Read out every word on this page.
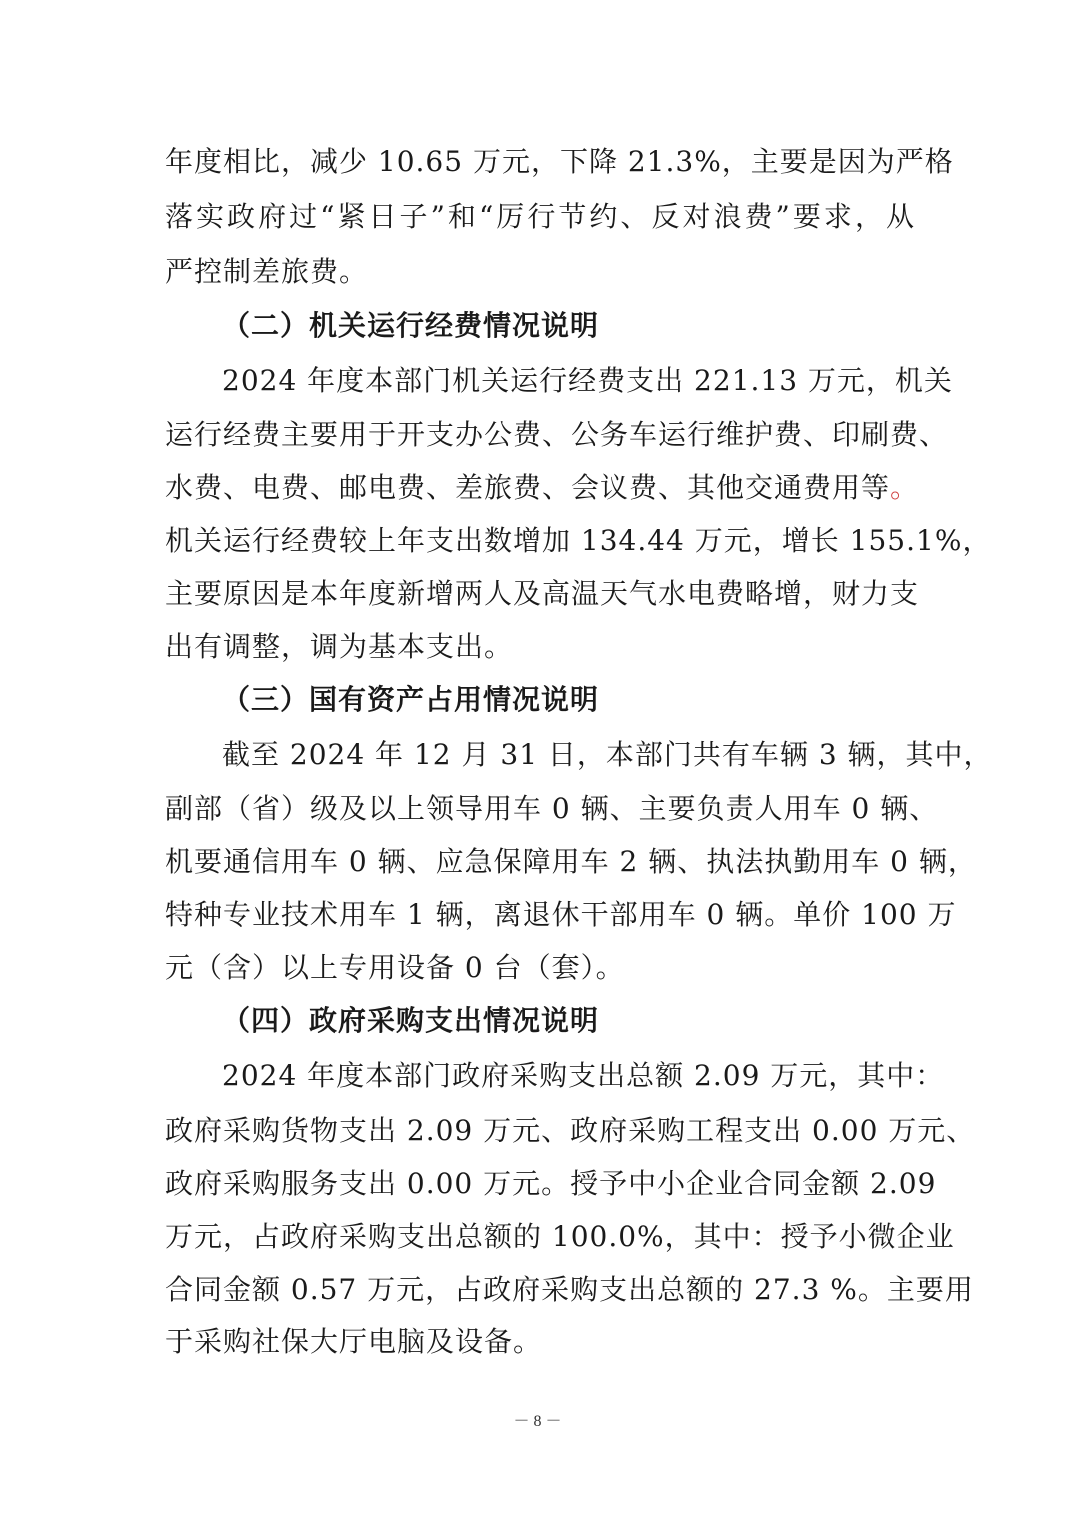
年度相比，减少 10.65 万元，下降 21.3%，主要是因为严格
落实政府过“紧日子”和“厉行节约、反对浪费”要求，从
严控制差旅费。
（二）机关运行经费情况说明
2024 年度本部门机关运行经费支出 221.13 万元，机关
运行经费主要用于开支办公费、公务车运行维护费、印刷费、
水费、电费、邮电费、差旅费、会议费、其他交通费用等。
机关运行经费较上年支出数增加 134.44 万元，增长 155.1%，
主要原因是本年度新增两人及高温天气水电费略增，财力支
出有调整，调为基本支出。
（三）国有资产占用情况说明
截至 2024 年 12 月 31 日，本部门共有车辆 3 辆，其中，
副部（省）级及以上领导用车 0 辆、主要负责人用车 0 辆、
机要通信用车 0 辆、应急保障用车 2 辆、执法执勤用车 0 辆，
特种专业技术用车 1 辆，离退休干部用车 0 辆。单价 100 万
元（含）以上专用设备 0 台（套）。
（四）政府采购支出情况说明
2024 年度本部门政府采购支出总额 2.09 万元，其中：
政府采购货物支出 2.09 万元、政府采购工程支出 0.00 万元、
政府采购服务支出 0.00 万元。授予中小企业合同金额 2.09
万元，占政府采购支出总额的 100.0%，其中：授予小微企业
合同金额 0.57 万元，占政府采购支出总额的 27.3 %。主要用
于采购社保大厅电脑及设备。
－ 8 －
